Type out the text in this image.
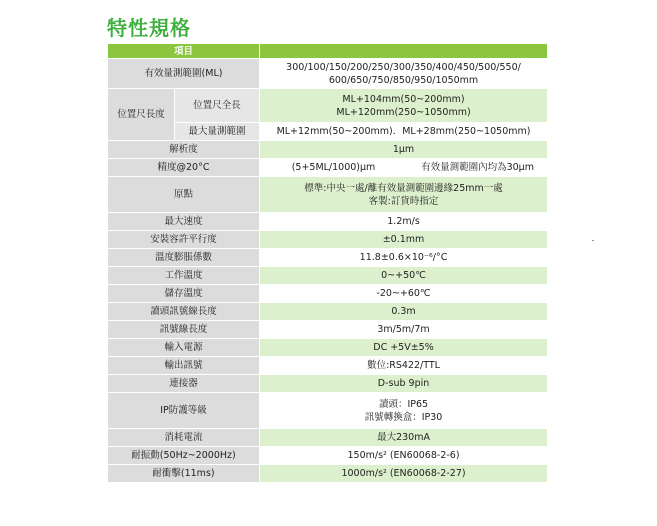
特性規格
項目			
有效量測範圍(ML)		300/100/150/200/250/300/350/400/450/500/550/
600/650/750/850/950/1050mm	

位置尺長度	位置尺全長	ML+104mm(50~200mm)
ML+120mm(250~1050mm)	

	最大量測範圍	ML+12mm(50~200mm)．ML+28mm(250~1050mm)	
解析度		1μm	
精度@20°C		(5+5ML/1000)μm	有效量測範圍內均為30μm
原點		標準:中央一處/離有效量測範圍邊緣25mm一處
客製:訂貨時指定	

最大速度		1.2m/s	
安裝容許平行度		±0.1mm	
溫度膨脹係數		11.8±0.6×10⁻⁶/°C	
工作溫度		0~+50℃	
儲存溫度		-20~+60℃	
讀頭訊號線長度		0.3m	
訊號線長度		3m/5m/7m	
輸入電源		DC +5V±5%	
輸出訊號		數位:RS422/TTL	
連接器		D-sub 9pin	
IP防護等級		讀頭：IP65
訊號轉換盒：IP30	

消耗電流		最大230mA	
耐振動(50Hz~2000Hz)		150m/s² (EN60068-2-6)	
耐衝擊(11ms)		1000m/s² (EN60068-2-27)	
